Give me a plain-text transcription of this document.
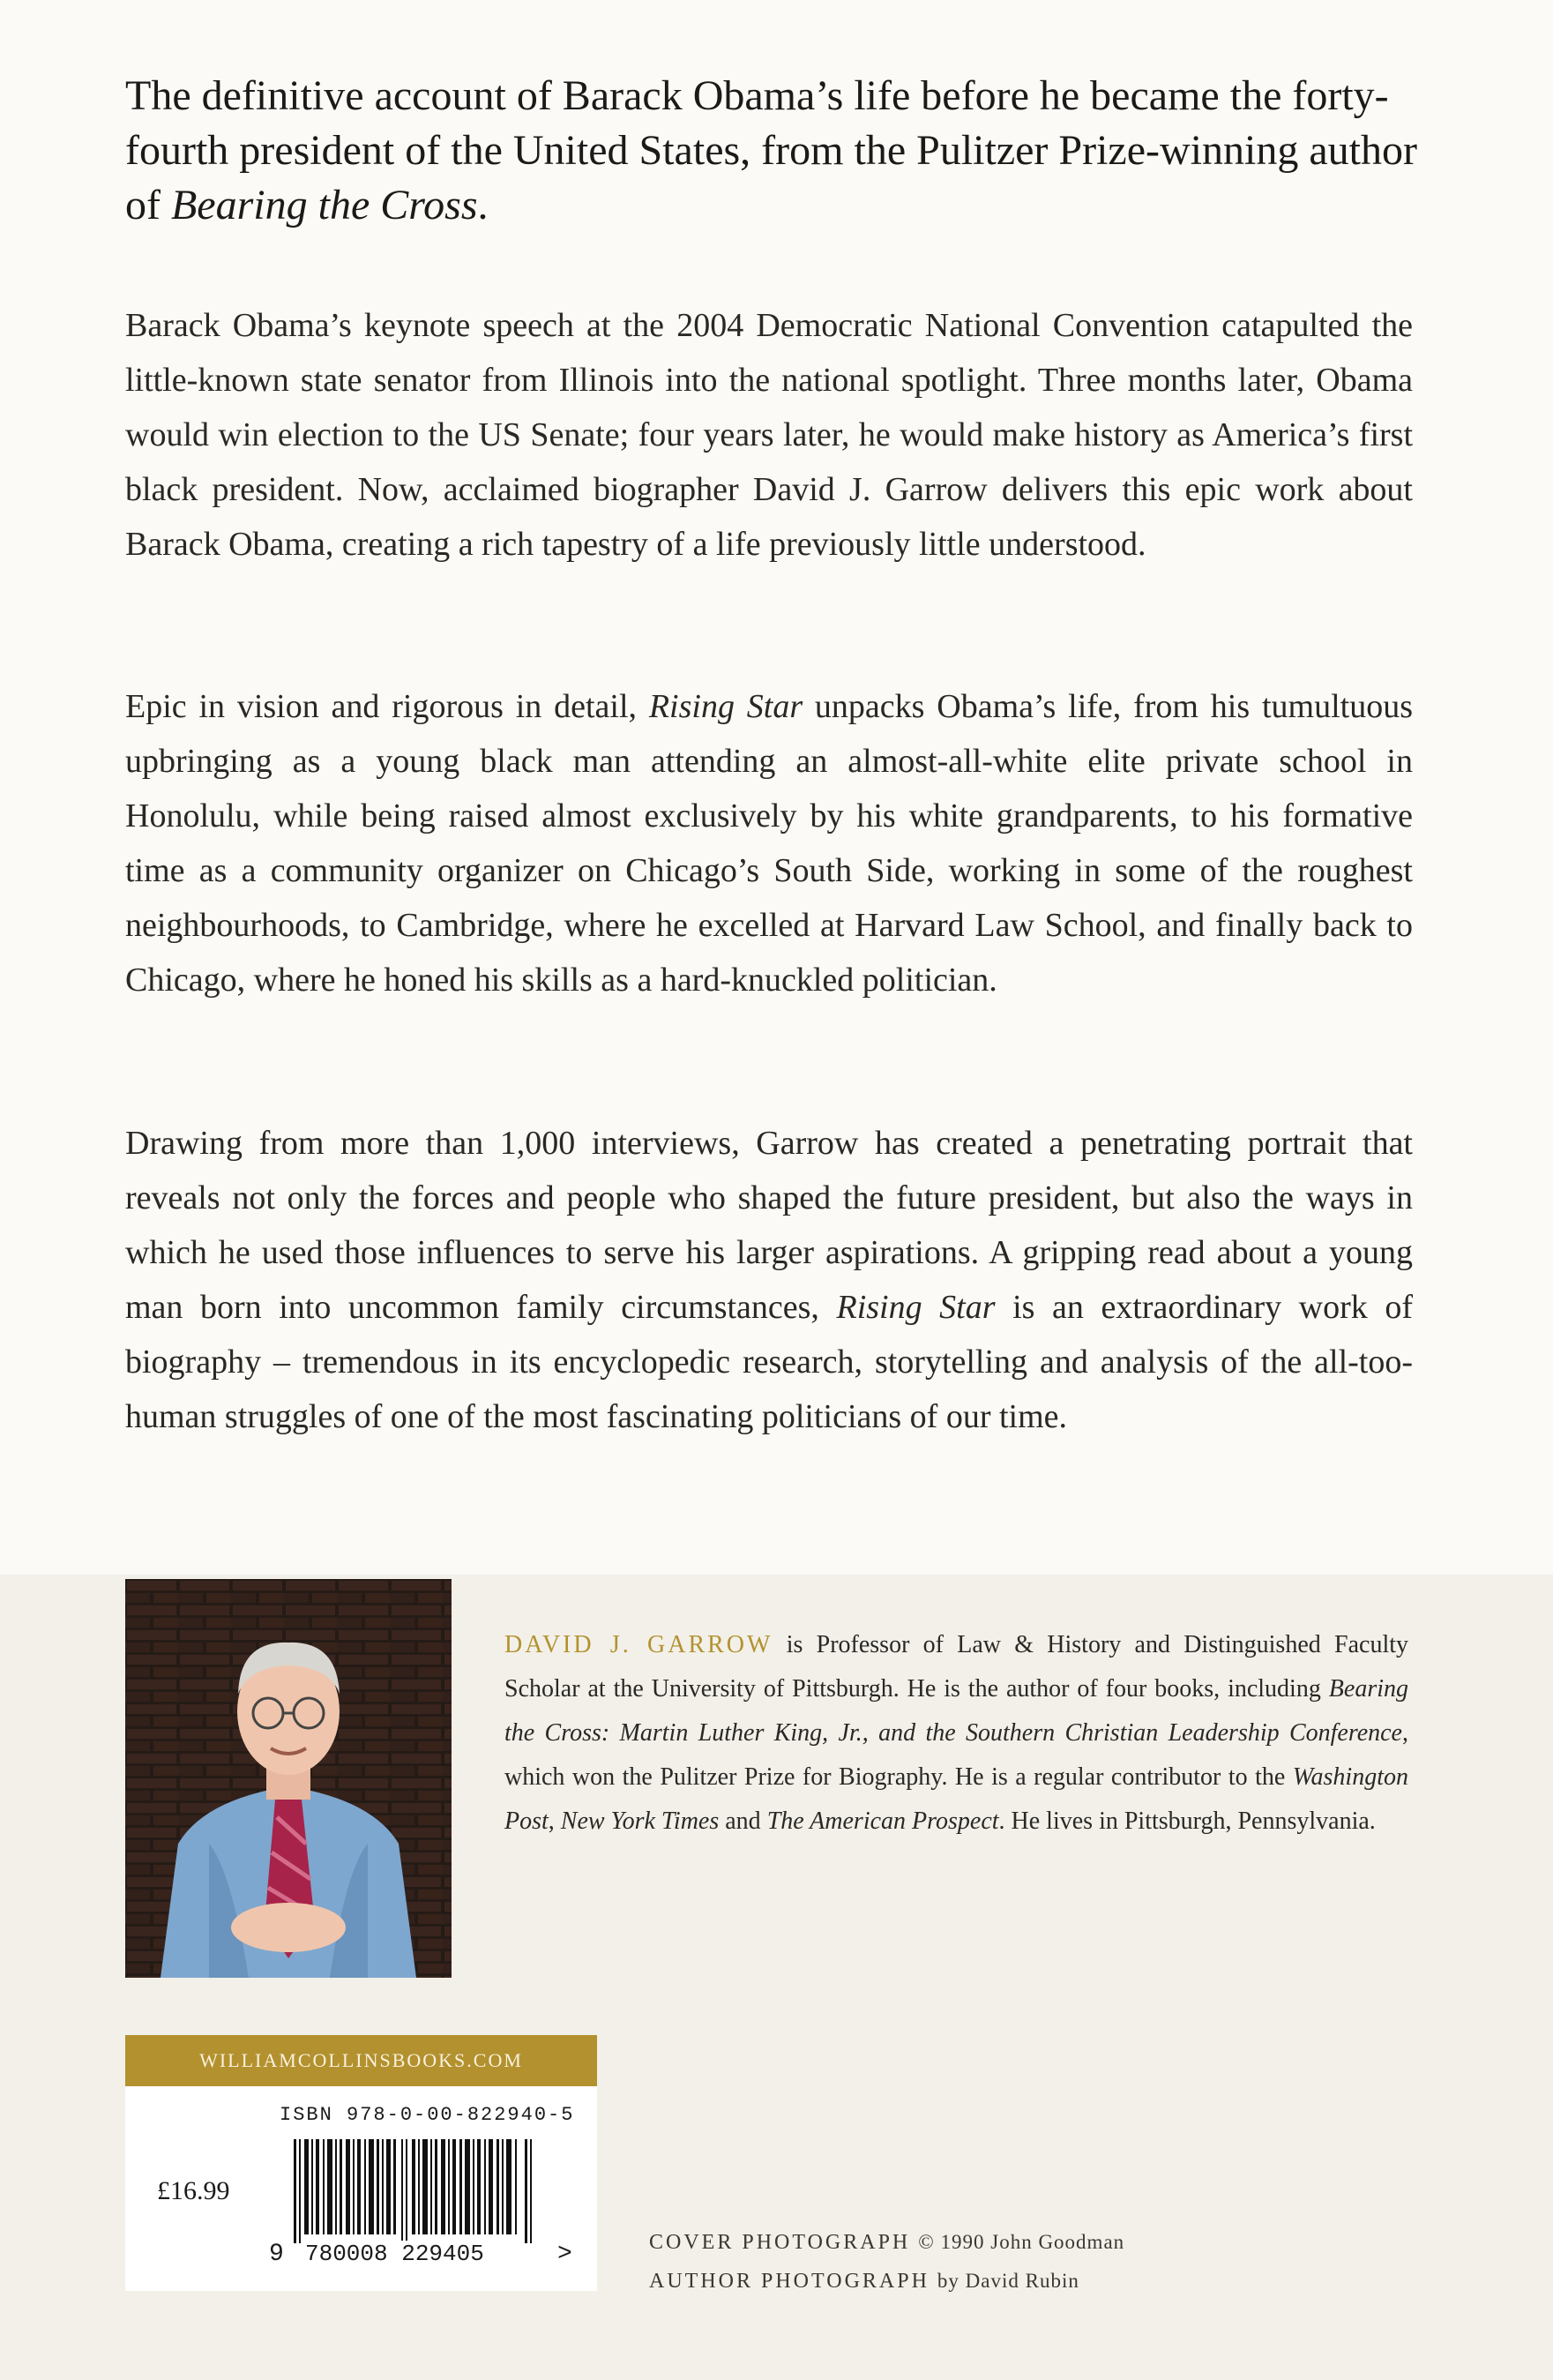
The definitive account of Barack Obama’s life before he became the forty-fourth president of the United States, from the Pulitzer Prize-winning author of Bearing the Cross.
Barack Obama’s keynote speech at the 2004 Democratic National Convention catapulted the little-known state senator from Illinois into the national spotlight. Three months later, Obama would win election to the US Senate; four years later, he would make history as America’s first black president. Now, acclaimed biographer David J. Garrow delivers this epic work about Barack Obama, creating a rich tapestry of a life previously little understood.
Epic in vision and rigorous in detail, Rising Star unpacks Obama’s life, from his tumultuous upbringing as a young black man attending an almost-all-white elite private school in Honolulu, while being raised almost exclusively by his white grandparents, to his formative time as a community organizer on Chicago’s South Side, working in some of the roughest neighbourhoods, to Cambridge, where he excelled at Harvard Law School, and finally back to Chicago, where he honed his skills as a hard-knuckled politician.
Drawing from more than 1,000 interviews, Garrow has created a penetrating portrait that reveals not only the forces and people who shaped the future president, but also the ways in which he used those influences to serve his larger aspirations. A gripping read about a young man born into uncommon family circumstances, Rising Star is an extraordinary work of biography – tremendous in its encyclopedic research, storytelling and analysis of the all-too-human struggles of one of the most fascinating politicians of our time.
DAVID J. GARROW is Professor of Law & History and Distinguished Faculty Scholar at the University of Pittsburgh. He is the author of four books, including Bearing the Cross: Martin Luther King, Jr., and the Southern Christian Leadership Conference, which won the Pulitzer Prize for Biography. He is a regular contributor to the Washington Post, New York Times and The American Prospect. He lives in Pittsburgh, Pennsylvania.
WILLIAMCOLLINSBOOKS.COM
ISBN 978-0-00-822940-5
£16.99
9 780008 229405	>	COVER PHOTOGRAPH © 1990 John Goodman
AUTHOR PHOTOGRAPH by David Rubin
